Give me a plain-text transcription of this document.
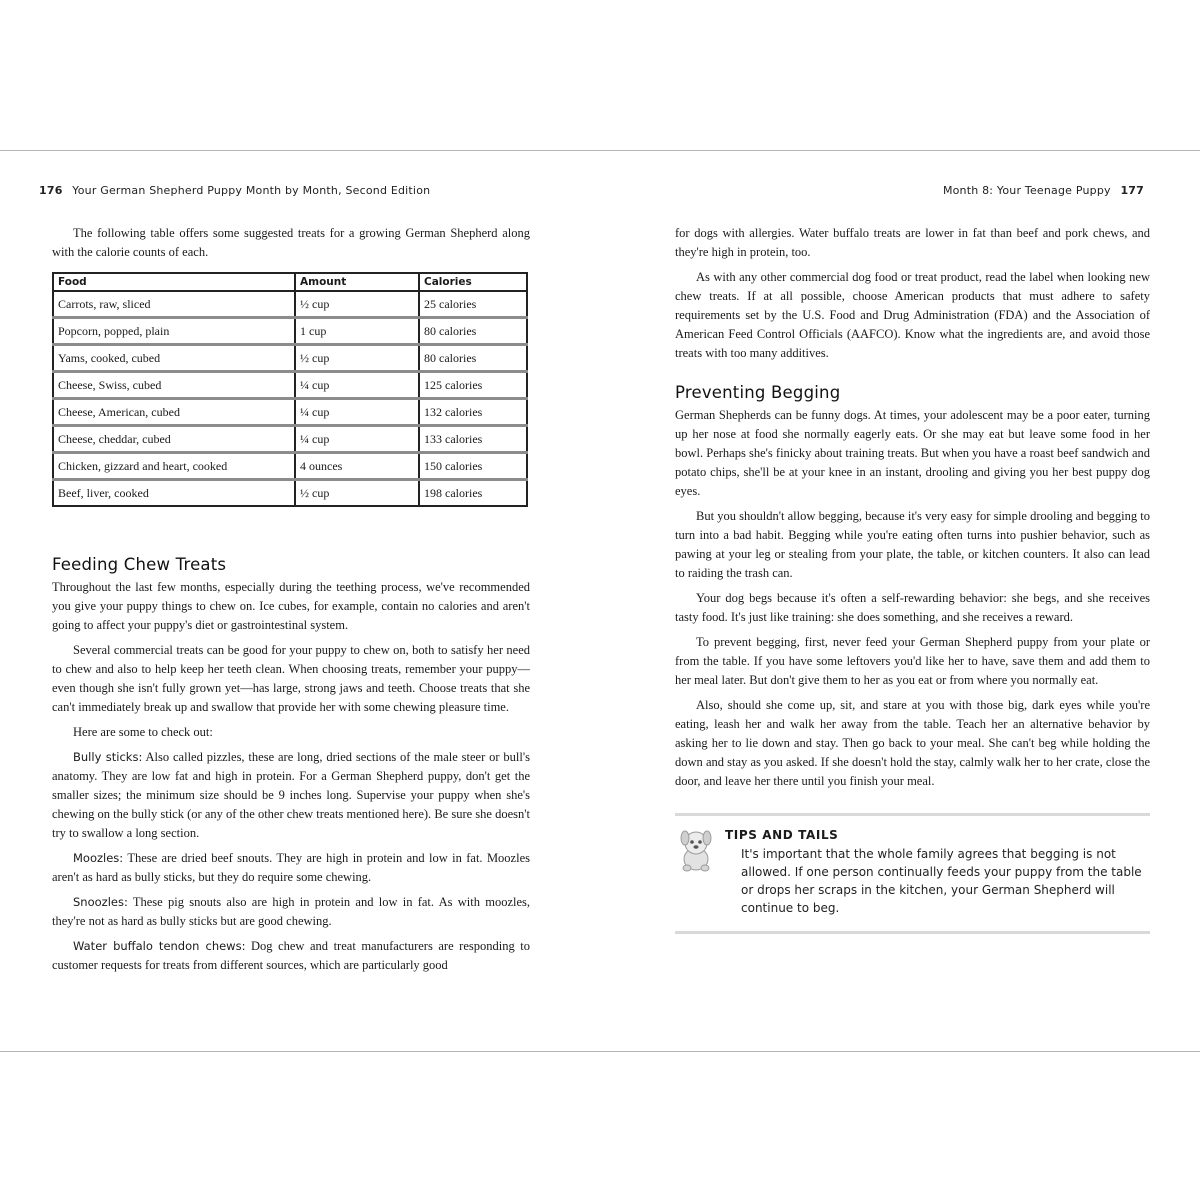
176 Your German Shepherd Puppy Month by Month, Second Edition

The following table offers some suggested treats for a growing German Shepherd along with the calorie counts of each.

Food	Amount	Calories
Carrots, raw, sliced	½ cup	25 calories
Popcorn, popped, plain	1 cup	80 calories
Yams, cooked, cubed	½ cup	80 calories
Cheese, Swiss, cubed	¼ cup	125 calories
Cheese, American, cubed	¼ cup	132 calories
Cheese, cheddar, cubed	¼ cup	133 calories
Chicken, gizzard and heart, cooked	4 ounces	150 calories
Beef, liver, cooked	½ cup	198 calories
Feeding Chew Treats

Throughout the last few months, especially during the teething process, we've recommended you give your puppy things to chew on. Ice cubes, for example, contain no calories and aren't going to affect your puppy's diet or gastrointestinal system.

Several commercial treats can be good for your puppy to chew on, both to satisfy her need to chew and also to help keep her teeth clean. When choosing treats, remember your puppy—even though she isn't fully grown yet—has large, strong jaws and teeth. Choose treats that she can't immediately break up and swallow that provide her with some chewing pleasure time.

Here are some to check out:

Bully sticks: Also called pizzles, these are long, dried sections of the male steer or bull's anatomy. They are low fat and high in protein. For a German Shepherd puppy, don't get the smaller sizes; the minimum size should be 9 inches long. Supervise your puppy when she's chewing on the bully stick (or any of the other chew treats mentioned here). Be sure she doesn't try to swallow a long section.

Moozles: These are dried beef snouts. They are high in protein and low in fat. Moozles aren't as hard as bully sticks, but they do require some chewing.

Snoozles: These pig snouts also are high in protein and low in fat. As with moozles, they're not as hard as bully sticks but are good chewing.

Water buffalo tendon chews: Dog chew and treat manufacturers are responding to customer requests for treats from different sources, which are particularly good

Month 8: Your Teenage Puppy 177

for dogs with allergies. Water buffalo treats are lower in fat than beef and pork chews, and they're high in protein, too.

As with any other commercial dog food or treat product, read the label when looking new chew treats. If at all possible, choose American products that must adhere to safety requirements set by the U.S. Food and Drug Administration (FDA) and the Association of American Feed Control Officials (AAFCO). Know what the ingredients are, and avoid those treats with too many additives.

Preventing Begging

German Shepherds can be funny dogs. At times, your adolescent may be a poor eater, turning up her nose at food she normally eagerly eats. Or she may eat but leave some food in her bowl. Perhaps she's finicky about training treats. But when you have a roast beef sandwich and potato chips, she'll be at your knee in an instant, drooling and giving you her best puppy dog eyes.

But you shouldn't allow begging, because it's very easy for simple drooling and begging to turn into a bad habit. Begging while you're eating often turns into pushier behavior, such as pawing at your leg or stealing from your plate, the table, or kitchen counters. It also can lead to raiding the trash can.

Your dog begs because it's often a self-rewarding behavior: she begs, and she receives tasty food. It's just like training: she does something, and she receives a reward.

To prevent begging, first, never feed your German Shepherd puppy from your plate or from the table. If you have some leftovers you'd like her to have, save them and add them to her meal later. But don't give them to her as you eat or from where you normally eat.

Also, should she come up, sit, and stare at you with those big, dark eyes while you're eating, leash her and walk her away from the table. Teach her an alternative behavior by asking her to lie down and stay. Then go back to your meal. She can't beg while holding the down and stay as you asked. If she doesn't hold the stay, calmly walk her to her crate, close the door, and leave her there until you finish your meal.

TIPS AND TAILS
It's important that the whole family agrees that begging is not allowed. If one person continually feeds your puppy from the table or drops her scraps in the kitchen, your German Shepherd will continue to beg.
